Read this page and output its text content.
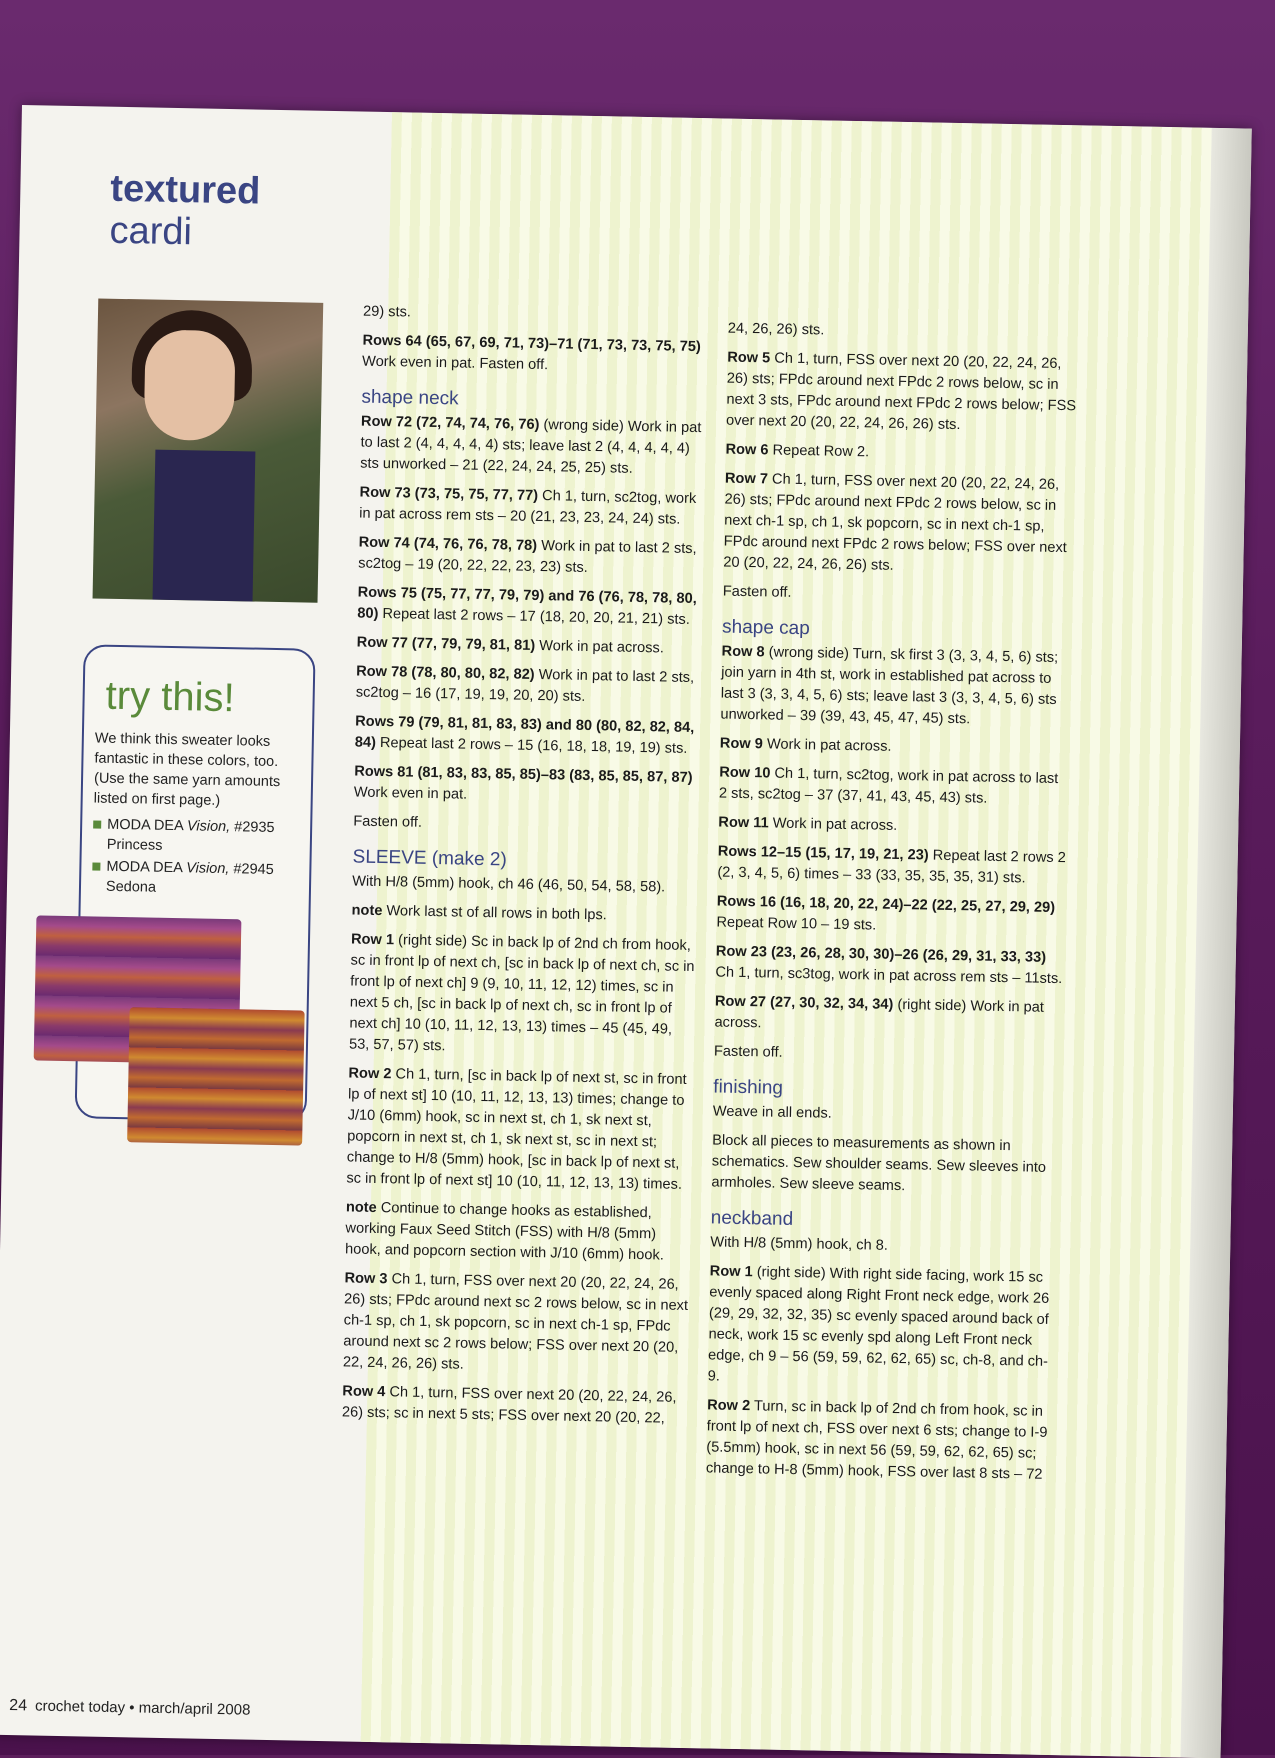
textured
cardi
try this!
We think this sweater looks fantastic in these colors, too. (Use the same yarn amounts listed on first page.)
MODA DEA Vision, #2935
Princess
MODA DEA Vision, #2945
Sedona
24 crochet today • march/april 2008

29) sts.

Rows 64 (65, 67, 69, 71, 73)–71 (71, 73, 73, 75, 75) Work even in pat. Fasten off.

shape neck

Row 72 (72, 74, 74, 76, 76) (wrong side) Work in pat to last 2 (4, 4, 4, 4, 4) sts; leave last 2 (4, 4, 4, 4, 4) sts unworked – 21 (22, 24, 24, 25, 25) sts.

Row 73 (73, 75, 75, 77, 77) Ch 1, turn, sc2tog, work in pat across rem sts – 20 (21, 23, 23, 24, 24) sts.

Row 74 (74, 76, 76, 78, 78) Work in pat to last 2 sts, sc2tog – 19 (20, 22, 22, 23, 23) sts.

Rows 75 (75, 77, 77, 79, 79) and 76 (76, 78, 78, 80, 80) Repeat last 2 rows – 17 (18, 20, 20, 21, 21) sts.

Row 77 (77, 79, 79, 81, 81) Work in pat across.

Row 78 (78, 80, 80, 82, 82) Work in pat to last 2 sts, sc2tog – 16 (17, 19, 19, 20, 20) sts.

Rows 79 (79, 81, 81, 83, 83) and 80 (80, 82, 82, 84, 84) Repeat last 2 rows – 15 (16, 18, 18, 19, 19) sts.

Rows 81 (81, 83, 83, 85, 85)–83 (83, 85, 85, 87, 87) Work even in pat.

Fasten off.

SLEEVE (make 2)

With H/8 (5mm) hook, ch 46 (46, 50, 54, 58, 58).

note Work last st of all rows in both lps.

Row 1 (right side) Sc in back lp of 2nd ch from hook, sc in front lp of next ch, [sc in back lp of next ch, sc in front lp of next ch] 9 (9, 10, 11, 12, 12) times, sc in next 5 ch, [sc in back lp of next ch, sc in front lp of next ch] 10 (10, 11, 12, 13, 13) times – 45 (45, 49, 53, 57, 57) sts.

Row 2 Ch 1, turn, [sc in back lp of next st, sc in front lp of next st] 10 (10, 11, 12, 13, 13) times; change to J/10 (6mm) hook, sc in next st, ch 1, sk next st, popcorn in next st, ch 1, sk next st, sc in next st; change to H/8 (5mm) hook, [sc in back lp of next st, sc in front lp of next st] 10 (10, 11, 12, 13, 13) times.

note Continue to change hooks as established, working Faux Seed Stitch (FSS) with H/8 (5mm) hook, and popcorn section with J/10 (6mm) hook.

Row 3 Ch 1, turn, FSS over next 20 (20, 22, 24, 26, 26) sts; FPdc around next sc 2 rows below, sc in next ch-1 sp, ch 1, sk popcorn, sc in next ch-1 sp, FPdc around next sc 2 rows below; FSS over next 20 (20, 22, 24, 26, 26) sts.

Row 4 Ch 1, turn, FSS over next 20 (20, 22, 24, 26, 26) sts; sc in next 5 sts; FSS over next 20 (20, 22,

24, 26, 26) sts.

Row 5 Ch 1, turn, FSS over next 20 (20, 22, 24, 26, 26) sts; FPdc around next FPdc 2 rows below, sc in next 3 sts, FPdc around next FPdc 2 rows below; FSS over next 20 (20, 22, 24, 26, 26) sts.

Row 6 Repeat Row 2.

Row 7 Ch 1, turn, FSS over next 20 (20, 22, 24, 26, 26) sts; FPdc around next FPdc 2 rows below, sc in next ch-1 sp, ch 1, sk popcorn, sc in next ch-1 sp, FPdc around next FPdc 2 rows below; FSS over next 20 (20, 22, 24, 26, 26) sts.

Fasten off.

shape cap

Row 8 (wrong side) Turn, sk first 3 (3, 3, 4, 5, 6) sts; join yarn in 4th st, work in established pat across to last 3 (3, 3, 4, 5, 6) sts; leave last 3 (3, 3, 4, 5, 6) sts unworked – 39 (39, 43, 45, 47, 45) sts.

Row 9 Work in pat across.

Row 10 Ch 1, turn, sc2tog, work in pat across to last 2 sts, sc2tog – 37 (37, 41, 43, 45, 43) sts.

Row 11 Work in pat across.

Rows 12–15 (15, 17, 19, 21, 23) Repeat last 2 rows 2 (2, 3, 4, 5, 6) times – 33 (33, 35, 35, 35, 31) sts.

Rows 16 (16, 18, 20, 22, 24)–22 (22, 25, 27, 29, 29) Repeat Row 10 – 19 sts.

Row 23 (23, 26, 28, 30, 30)–26 (26, 29, 31, 33, 33) Ch 1, turn, sc3tog, work in pat across rem sts – 11sts.

Row 27 (27, 30, 32, 34, 34) (right side) Work in pat across.

Fasten off.

finishing

Weave in all ends.

Block all pieces to measurements as shown in schematics. Sew shoulder seams. Sew sleeves into armholes. Sew sleeve seams.

neckband

With H/8 (5mm) hook, ch 8.

Row 1 (right side) With right side facing, work 15 sc evenly spaced along Right Front neck edge, work 26 (29, 29, 32, 32, 35) sc evenly spaced around back of neck, work 15 sc evenly spd along Left Front neck edge, ch 9 – 56 (59, 59, 62, 62, 65) sc, ch-8, and ch-9.

Row 2 Turn, sc in back lp of 2nd ch from hook, sc in front lp of next ch, FSS over next 6 sts; change to I-9 (5.5mm) hook, sc in next 56 (59, 59, 62, 62, 65) sc; change to H-8 (5mm) hook, FSS over last 8 sts – 72
